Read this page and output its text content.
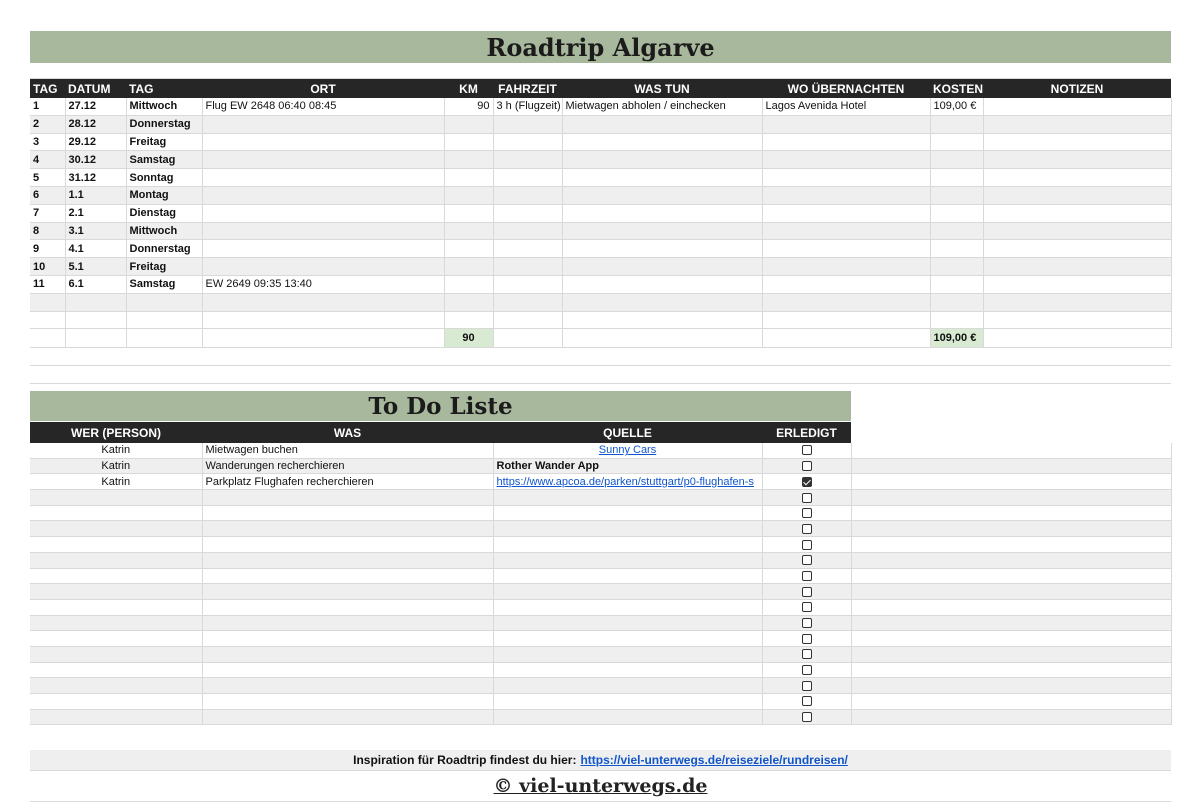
Roadtrip Algarve
TAG	DATUM	TAG	ORT	KM	FAHRZEIT	WAS TUN	WO ÜBERNACHTEN	KOSTEN	NOTIZEN
1	27.12	Mittwoch	Flug EW 2648 06:40 08:45	90	3 h (Flugzeit)	Mietwagen abholen / einchecken	Lagos Avenida Hotel	109,00 €	
2	28.12	Donnerstag							
3	29.12	Freitag							
4	30.12	Samstag							
5	31.12	Sonntag							
6	1.1	Montag							
7	2.1	Dienstag							
8	3.1	Mittwoch							
9	4.1	Donnerstag							
10	5.1	Freitag							
11	6.1	Samstag	EW 2649 09:35 13:40						

				90				109,00 €	

To Do Liste
WER (PERSON)	WAS	QUELLE	ERLEDIGT	
Katrin	Mietwagen buchen	Sunny Cars		
Katrin	Wanderungen recherchieren	Rother Wander App		
Katrin	Parkplatz Flughafen recherchieren	https://www.apcoa.de/parken/stuttgart/p0-flughafen-s		

Inspiration für Roadtrip findest du hier: https://viel-unterwegs.de/reiseziele/rundreisen/
© viel-unterwegs.de
